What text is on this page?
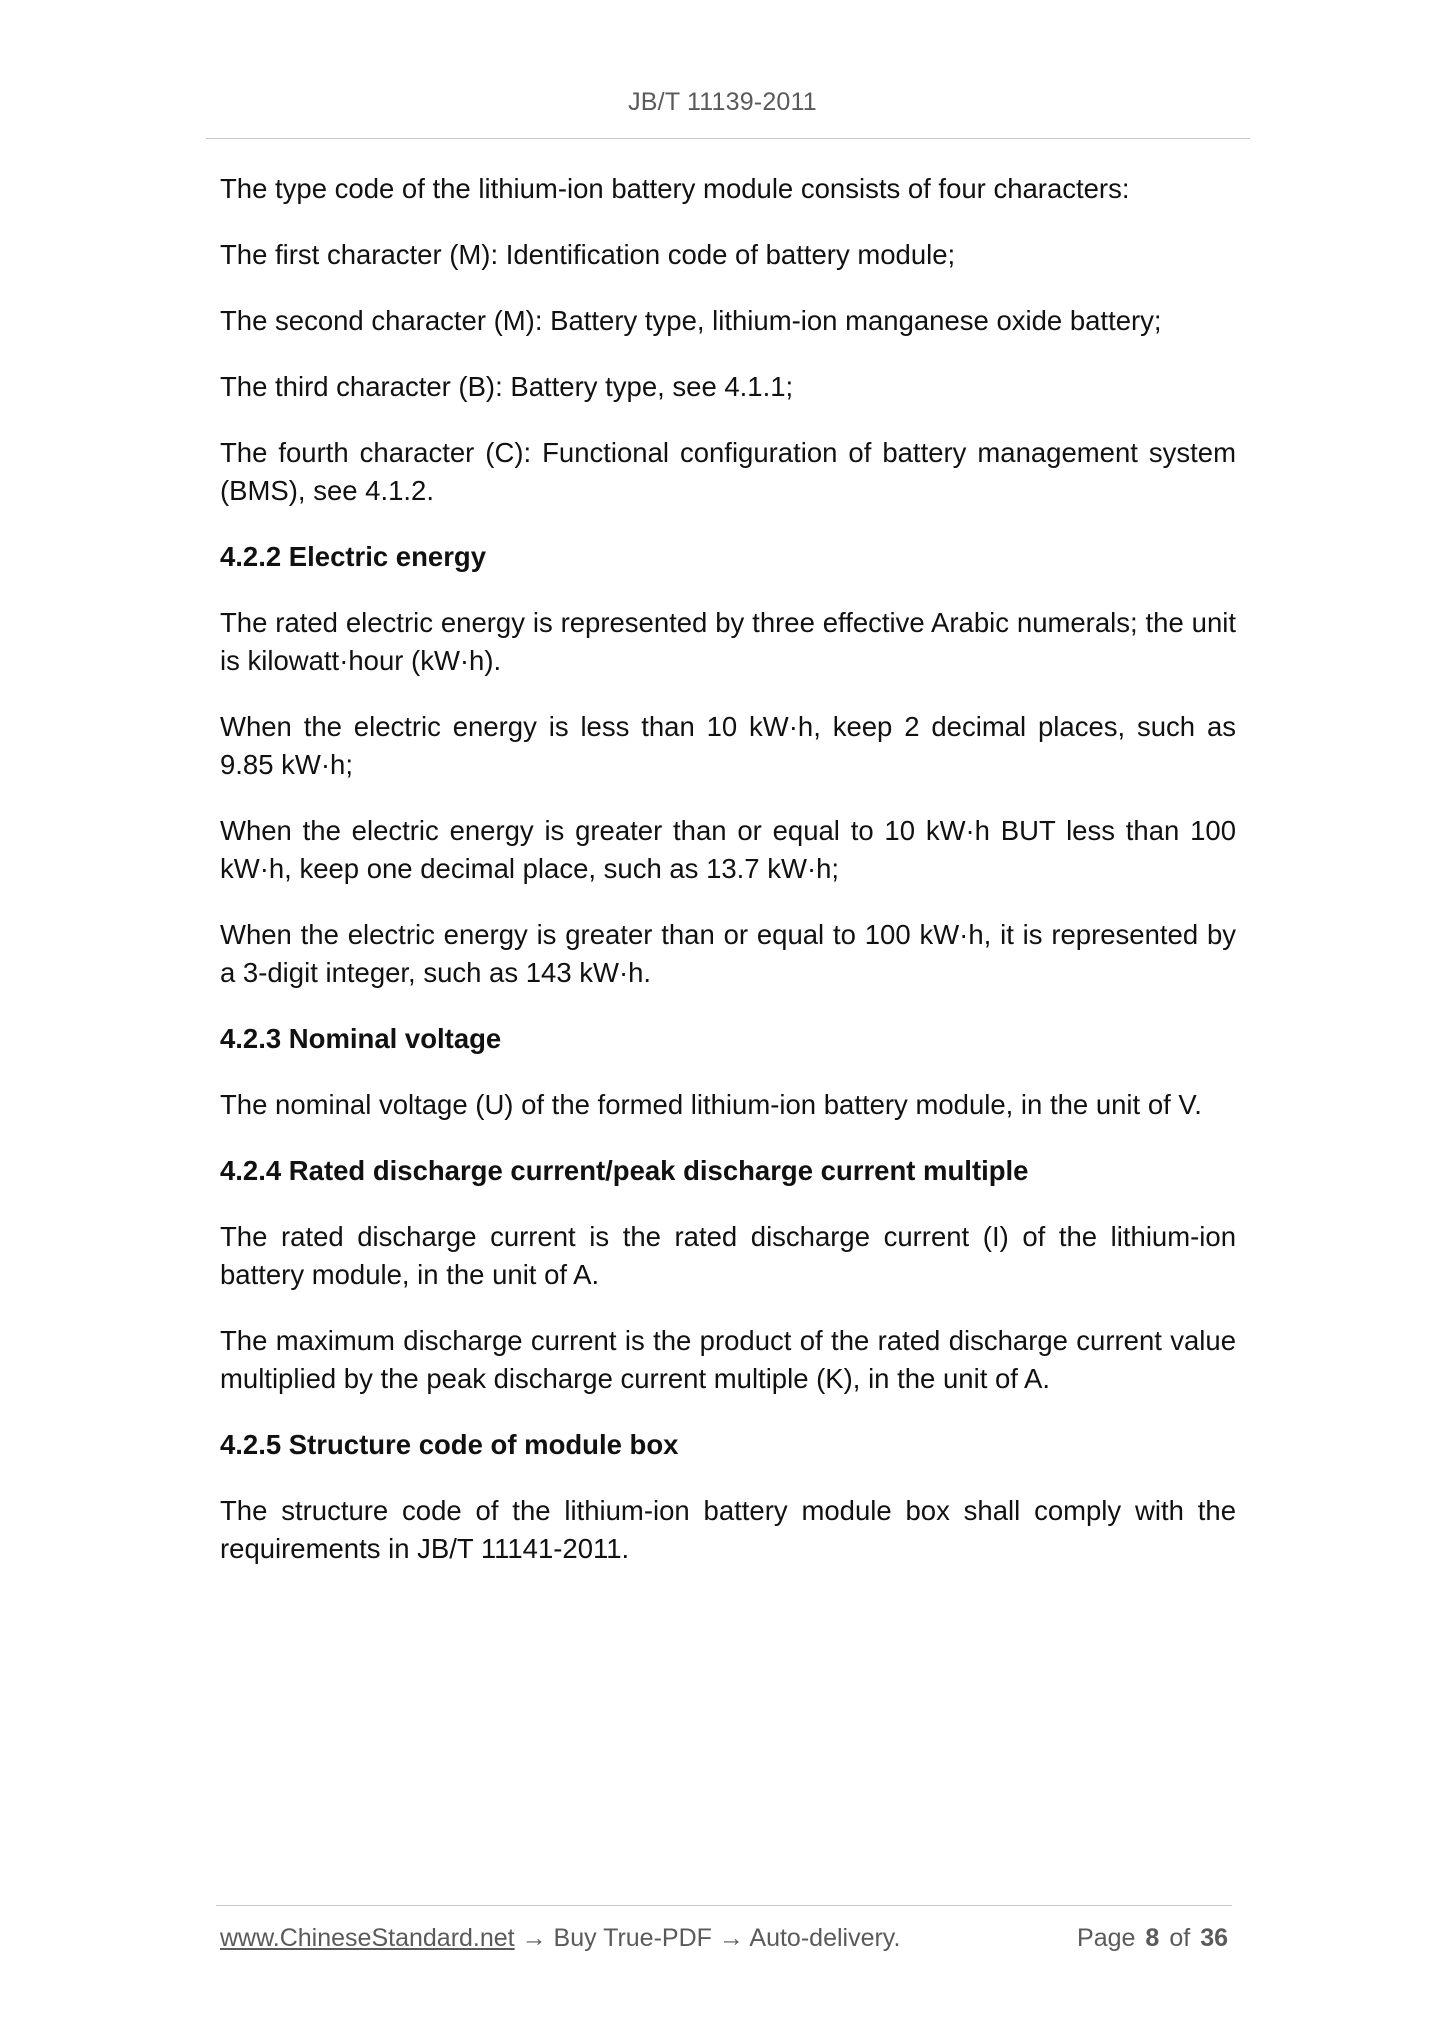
JB/T 11139-2011

The type code of the lithium-ion battery module consists of four characters:

The first character (M): Identification code of battery module;

The second character (M): Battery type, lithium-ion manganese oxide battery;

The third character (B): Battery type, see 4.1.1;

The fourth character (C): Functional configuration of battery management system (BMS), see 4.1.2.

4.2.2 Electric energy

The rated electric energy is represented by three effective Arabic numerals; the unit is kilowatt·hour (kW·h).

When the electric energy is less than 10 kW·h, keep 2 decimal places, such as 9.85 kW·h;

When the electric energy is greater than or equal to 10 kW·h BUT less than 100 kW·h, keep one decimal place, such as 13.7 kW·h;

When the electric energy is greater than or equal to 100 kW·h, it is represented by a 3-digit integer, such as 143 kW·h.

4.2.3 Nominal voltage

The nominal voltage (U) of the formed lithium-ion battery module, in the unit of V.

4.2.4 Rated discharge current/peak discharge current multiple

The rated discharge current is the rated discharge current (I) of the lithium-ion battery module, in the unit of A.

The maximum discharge current is the product of the rated discharge current value multiplied by the peak discharge current multiple (K), in the unit of A.

4.2.5 Structure code of module box

The structure code of the lithium-ion battery module box shall comply with the requirements in JB/T 11141-2011.

www.ChineseStandard.net → Buy True-PDF → Auto-delivery.	Page 8 of 36
